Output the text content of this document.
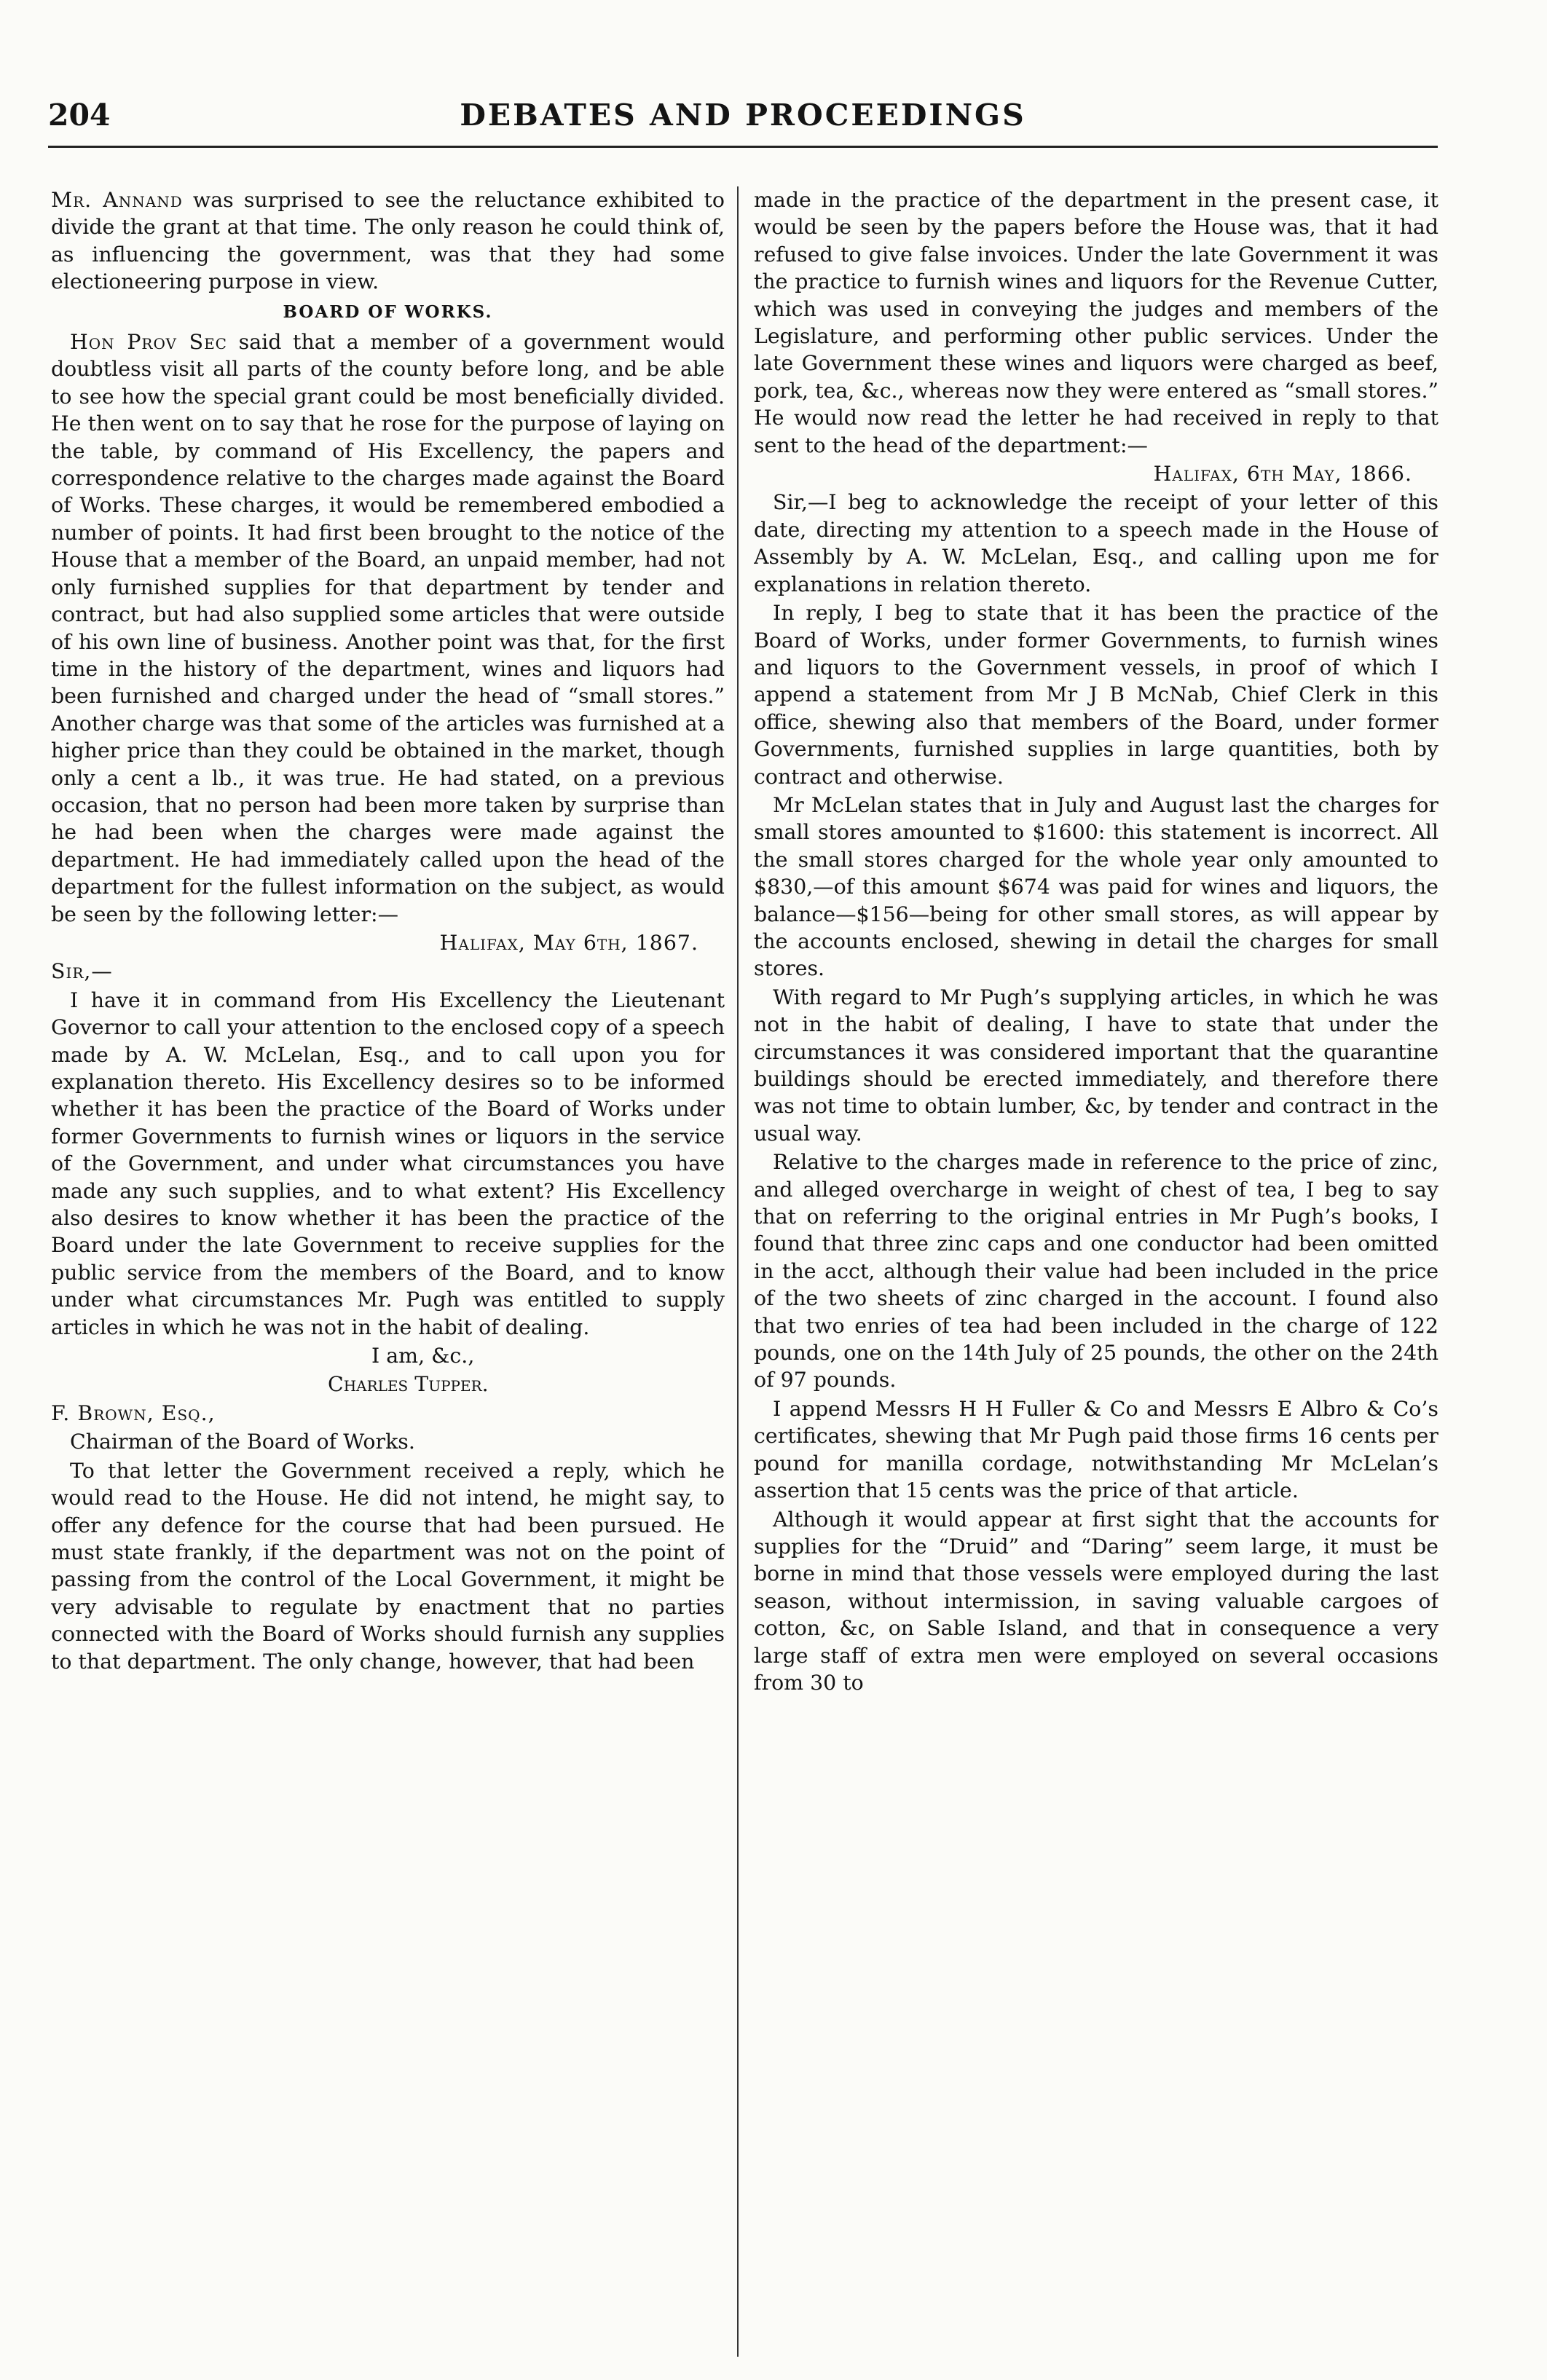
204	DEBATES AND PROCEEDINGS

Mr. Annand was surprised to see the reluctance exhibited to divide the grant at that time. The only reason he could think of, as influencing the government, was that they had some electioneering purpose in view.

BOARD OF WORKS.

Hon Prov Sec said that a member of a government would doubtless visit all parts of the county before long, and be able to see how the special grant could be most beneficially divided. He then went on to say that he rose for the purpose of laying on the table, by command of His Excellency, the papers and correspondence relative to the charges made against the Board of Works. These charges, it would be remembered embodied a number of points. It had first been brought to the notice of the House that a member of the Board, an unpaid member, had not only furnished supplies for that department by tender and contract, but had also supplied some articles that were outside of his own line of business. Another point was that, for the first time in the history of the department, wines and liquors had been furnished and charged under the head of “small stores.” Another charge was that some of the articles was furnished at a higher price than they could be obtained in the market, though only a cent a lb., it was true. He had stated, on a previous occasion, that no person had been more taken by surprise than he had been when the charges were made against the department. He had immediately called upon the head of the department for the fullest information on the subject, as would be seen by the following letter:—

Halifax, May 6th, 1867.

Sir,—

I have it in command from His Excellency the Lieutenant Governor to call your attention to the enclosed copy of a speech made by A. W. McLelan, Esq., and to call upon you for explanation thereto. His Excellency desires so to be informed whether it has been the practice of the Board of Works under former Governments to furnish wines or liquors in the service of the Government, and under what circumstances you have made any such supplies, and to what extent? His Excellency also desires to know whether it has been the practice of the Board under the late Government to receive supplies for the public service from the members of the Board, and to know under what circumstances Mr. Pugh was entitled to supply articles in which he was not in the habit of dealing.

I am, &c.,

Charles Tupper.

F. Brown, Esq.,

Chairman of the Board of Works.

To that letter the Government received a reply, which he would read to the House. He did not intend, he might say, to offer any defence for the course that had been pursued. He must state frankly, if the department was not on the point of passing from the control of the Local Government, it might be very advisable to regulate by enactment that no parties connected with the Board of Works should furnish any supplies to that department. The only change, however, that had been

made in the practice of the department in the present case, it would be seen by the papers before the House was, that it had refused to give false invoices. Under the late Government it was the practice to furnish wines and liquors for the Revenue Cutter, which was used in conveying the judges and members of the Legislature, and performing other public services. Under the late Government these wines and liquors were charged as beef, pork, tea, &c., whereas now they were entered as “small stores.” He would now read the letter he had received in reply to that sent to the head of the department:—

Halifax, 6th May, 1866.

Sir,—I beg to acknowledge the receipt of your letter of this date, directing my attention to a speech made in the House of Assembly by A. W. McLelan, Esq., and calling upon me for explanations in relation thereto.

In reply, I beg to state that it has been the practice of the Board of Works, under former Governments, to furnish wines and liquors to the Government vessels, in proof of which I append a statement from Mr J B McNab, Chief Clerk in this office, shewing also that members of the Board, under former Governments, furnished supplies in large quantities, both by contract and otherwise.

Mr McLelan states that in July and August last the charges for small stores amounted to $1600: this statement is incorrect. All the small stores charged for the whole year only amounted to $830,—of this amount $674 was paid for wines and liquors, the balance—$156—being for other small stores, as will appear by the accounts enclosed, shewing in detail the charges for small stores.

With regard to Mr Pugh’s supplying articles, in which he was not in the habit of dealing, I have to state that under the circumstances it was considered important that the quarantine buildings should be erected immediately, and therefore there was not time to obtain lumber, &c, by tender and contract in the usual way.

Relative to the charges made in reference to the price of zinc, and alleged overcharge in weight of chest of tea, I beg to say that on referring to the original entries in Mr Pugh’s books, I found that three zinc caps and one conductor had been omitted in the acct, although their value had been included in the price of the two sheets of zinc charged in the account. I found also that two enries of tea had been included in the charge of 122 pounds, one on the 14th July of 25 pounds, the other on the 24th of 97 pounds.

I append Messrs H H Fuller & Co and Messrs E Albro & Co’s certificates, shewing that Mr Pugh paid those firms 16 cents per pound for manilla cordage, notwithstanding Mr McLelan’s assertion that 15 cents was the price of that article.

Although it would appear at first sight that the accounts for supplies for the “Druid” and “Daring” seem large, it must be borne in mind that those vessels were employed during the last season, without intermission, in saving valuable cargoes of cotton, &c, on Sable Island, and that in consequence a very large staff of extra men were employed on several occasions from 30 to
